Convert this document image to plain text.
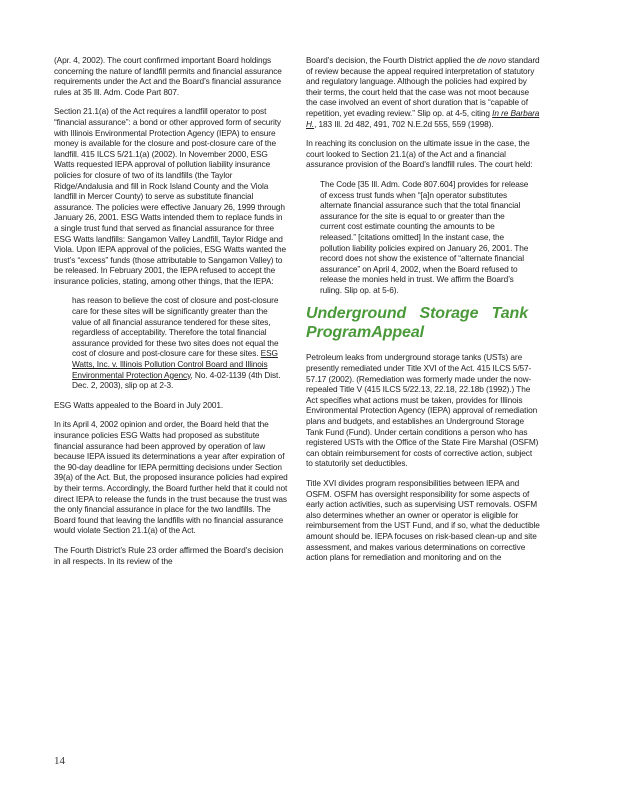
(Apr. 4, 2002). The court confirmed important Board holdings concerning the nature of landfill permits and financial assurance requirements under the Act and the Board’s financial assurance rules at 35 Ill. Adm. Code Part 807.

Section 21.1(a) of the Act requires a landfill operator to post “financial assurance”: a bond or other approved form of security with Illinois Environmental Protection Agency (IEPA) to ensure money is available for the closure and post-closure care of the landfill. 415 ILCS 5/21.1(a) (2002). In November 2000, ESG Watts requested IEPA approval of pollution liability insurance policies for closure of two of its landfills (the Taylor Ridge/Andalusia and fill in Rock Island County and the Viola landfill in Mercer County) to serve as substitute financial assurance. The policies were effective January 26, 1999 through January 26, 2001. ESG Watts intended them to replace funds in a single trust fund that served as financial assurance for three ESG Watts landfills: Sangamon Valley Landfill, Taylor Ridge and Viola. Upon IEPA approval of the policies, ESG Watts wanted the trust’s “excess” funds (those attributable to Sangamon Valley) to be released. In February 2001, the IEPA refused to accept the insurance policies, stating, among other things, that the IEPA:

has reason to believe the cost of closure and post-closure care for these sites will be significantly greater than the value of all financial assurance tendered for these sites, regardless of acceptability. Therefore the total financial assurance provided for these two sites does not equal the cost of closure and post-closure care for these sites. ESG Watts, Inc. v. Illinois Pollution Control Board and Illinois Environmental Protection Agency, No. 4-02-1139 (4th Dist. Dec. 2, 2003), slip op at 2-3.

ESG Watts appealed to the Board in July 2001.

In its April 4, 2002 opinion and order, the Board held that the insurance policies ESG Watts had proposed as substitute financial assurance had been approved by operation of law because IEPA issued its determinations a year after expiration of the 90-day deadline for IEPA permitting decisions under Section 39(a) of the Act. But, the proposed insurance policies had expired by their terms. Accordingly, the Board further held that it could not direct IEPA to release the funds in the trust because the trust was the only financial assurance in place for the two landfills. The Board found that leaving the landfills with no financial assurance would violate Section 21.1(a) of the Act.

The Fourth District’s Rule 23 order affirmed the Board’s decision in all respects. In its review of the

Board’s decision, the Fourth District applied the de novo standard of review because the appeal required interpretation of statutory and regulatory language. Although the policies had expired by their terms, the court held that the case was not moot because the case involved an event of short duration that is “capable of repetition, yet evading review.” Slip op. at 4-5, citing In re Barbara H., 183 Ill. 2d 482, 491, 702 N.E.2d 555, 559 (1998).

In reaching its conclusion on the ultimate issue in the case, the court looked to Section 21.1(a) of the Act and a financial assurance provision of the Board’s landfill rules. The court held:

The Code [35 Ill. Adm. Code 807.604] provides for release of excess trust funds when “[a]n operator substitutes alternate financial assurance such that the total financial assurance for the site is equal to or greater than the current cost estimate counting the amounts to be released.” [citations omitted] In the instant case, the pollution liability policies expired on January 26, 2001. The record does not show the existence of “alternate financial assurance” on April 4, 2002, when the Board refused to release the monies held in trust. We affirm the Board’s ruling. Slip op. at 5-6).
Underground Storage Tank
Program Appeal

Petroleum leaks from underground storage tanks (USTs) are presently remediated under Title XVI of the Act. 415 ILCS 5/57-57.17 (2002). (Remediation was formerly made under the now-repealed Title V (415 ILCS 5/22.13, 22.18, 22.18b (1992).) The Act specifies what actions must be taken, provides for Illinois Environmental Protection Agency (IEPA) approval of remediation plans and budgets, and establishes an Underground Storage Tank Fund (Fund). Under certain conditions a person who has registered USTs with the Office of the State Fire Marshal (OSFM) can obtain reimbursement for costs of corrective action, subject to statutorily set deductibles.

Title XVI divides program responsibilities between IEPA and OSFM. OSFM has oversight responsibility for some aspects of early action activities, such as supervising UST removals. OSFM also determines whether an owner or operator is eligible for reimbursement from the UST Fund, and if so, what the deductible amount should be. IEPA focuses on risk-based clean-up and site assessment, and makes various determinations on corrective action plans for remediation and monitoring and on the

14
